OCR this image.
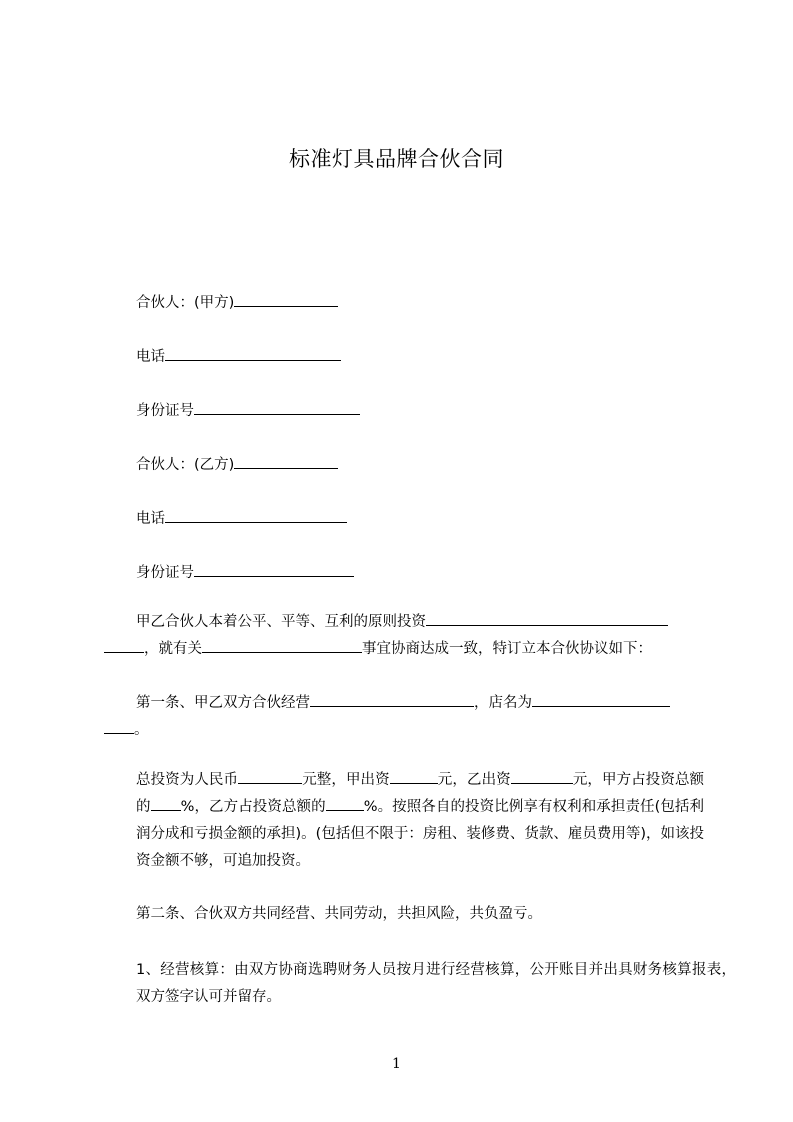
标准灯具品牌合伙合同
合伙人：(甲方)
电话
身份证号
合伙人：(乙方)
电话
身份证号
甲乙合伙人本着公平、平等、互利的原则投资
，就有关	事宜协商达成一致，特订立本合伙协议如下：
第一条、甲乙双方合伙经营	，店名为
。
总投资为人民币	元整，甲出资	元，乙出资	元，甲方占投资总额的 %，乙方占投资总额的	%。按照各自的投资比例享有权利和承担责任(包括利润分成和亏损金额的承担)。(包括但不限于：房租、装修费、货款、雇员费用等)，如该投资金额不够，可追加投资。
第二条、合伙双方共同经营、共同劳动，共担风险，共负盈亏。
1、经营核算：由双方协商选聘财务人员按月进行经营核算，公开账目并出具财务核算报表，双方签字认可并留存。
1
